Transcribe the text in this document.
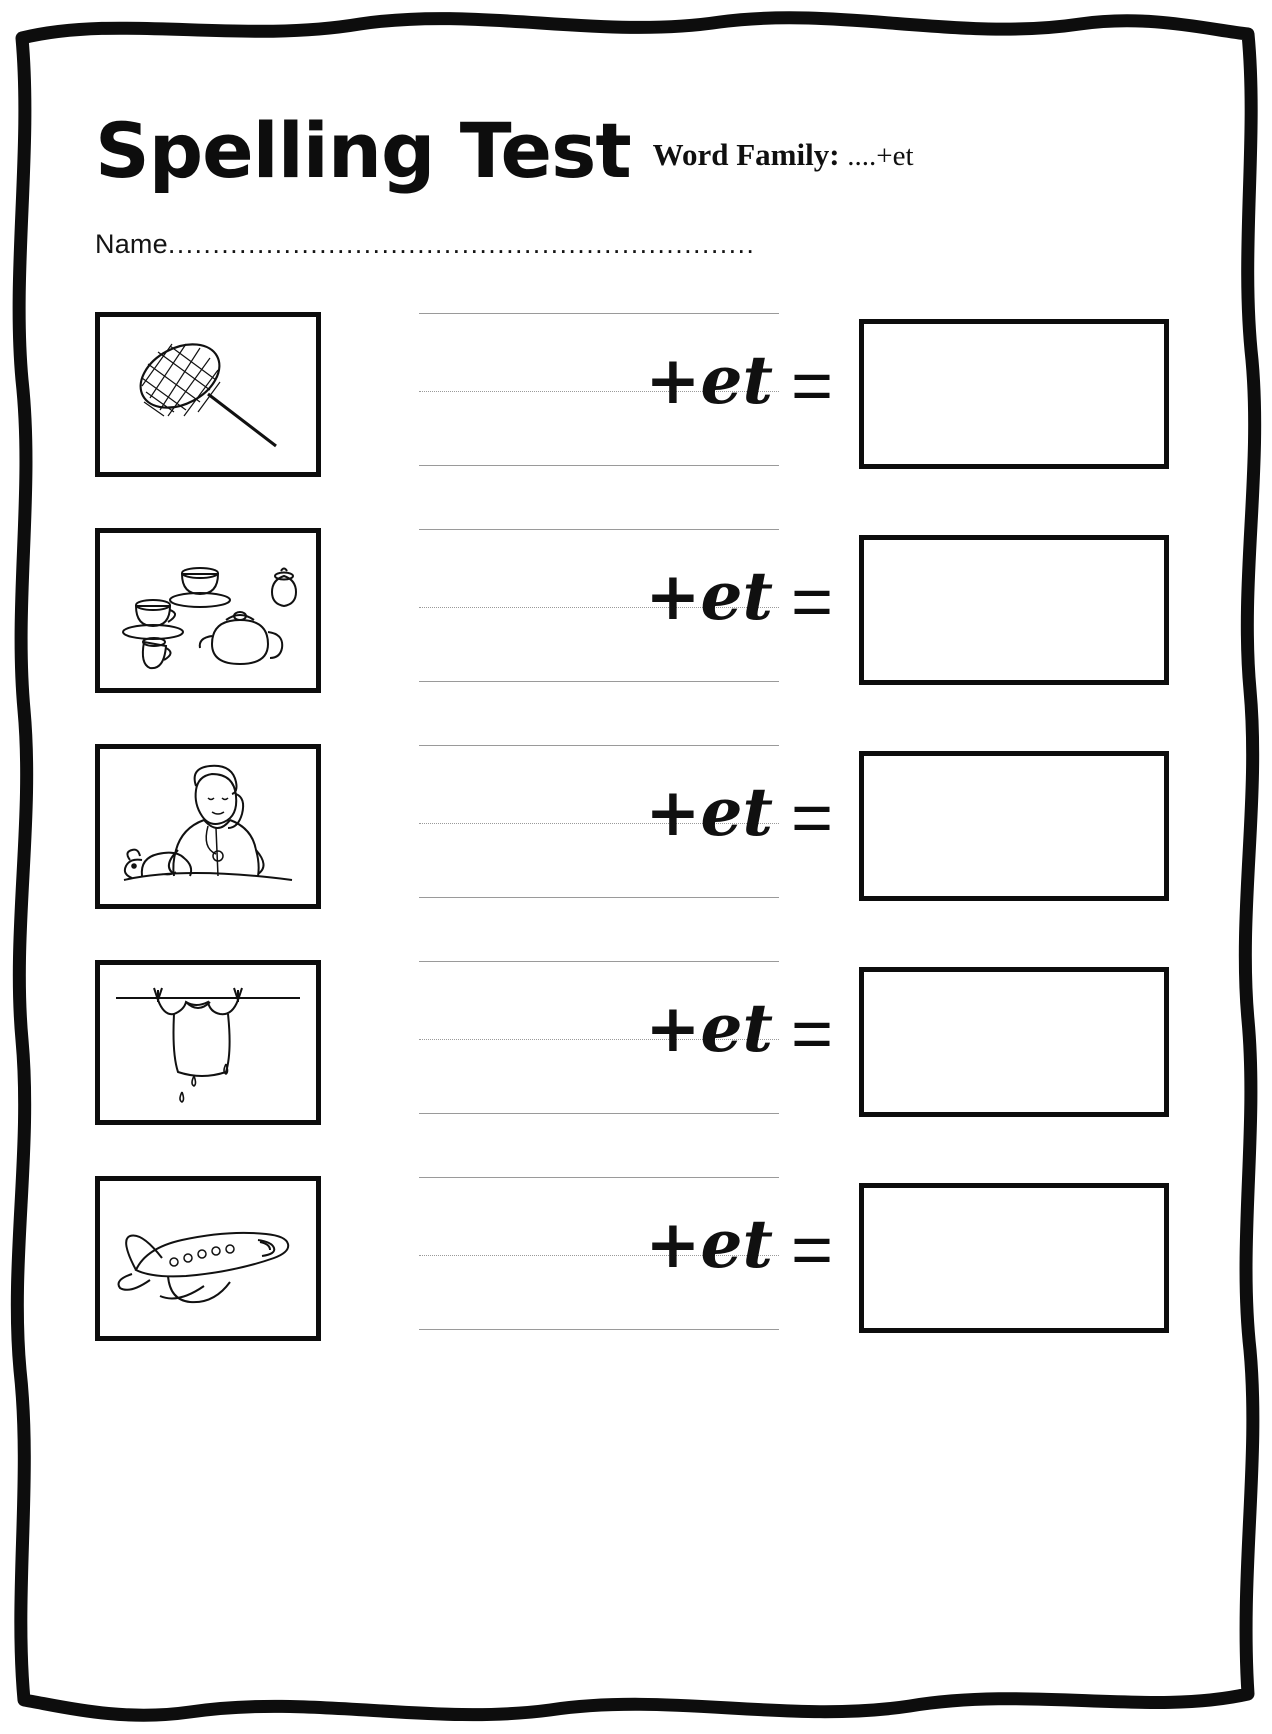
Spelling Test Word Family: ....+et
Name..................................................................
+et =
+et =
+et =
+et =
+et =
